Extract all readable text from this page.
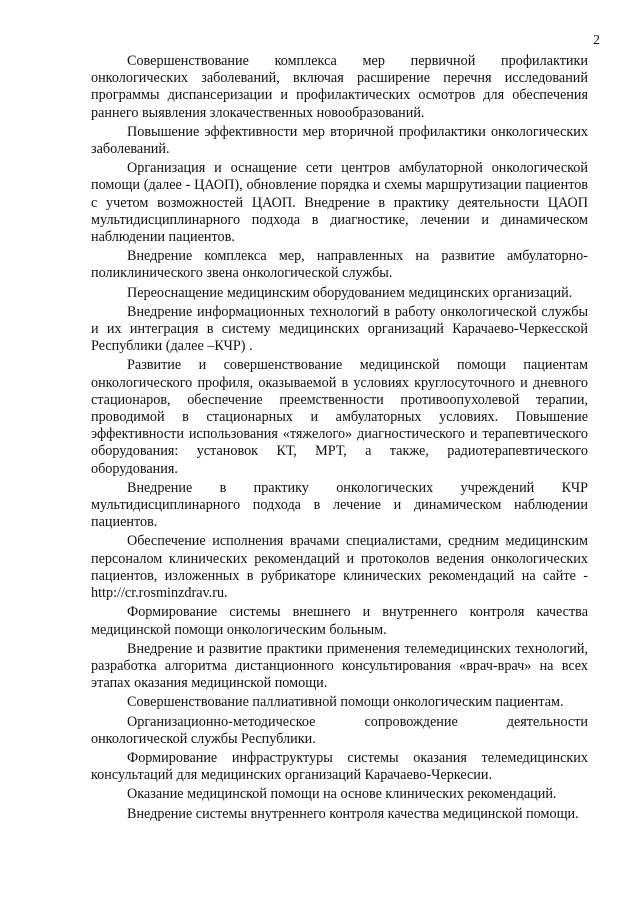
2

Совершенствование комплекса мер первичной профилактики онкологических заболеваний, включая расширение перечня исследований программы диспансеризации и профилактических осмотров для обеспечения раннего выявления злокачественных новообразований.

Повышение эффективности мер вторичной профилактики онкологических заболеваний.

Организация и оснащение сети центров амбулаторной онкологической помощи (далее - ЦАОП), обновление порядка и схемы маршрутизации пациентов с учетом возможностей ЦАОП. Внедрение в практику деятельности ЦАОП мультидисциплинарного подхода в диагностике, лечении и динамическом наблюдении пациентов.

Внедрение комплекса мер, направленных на развитие амбулаторно-поликлинического звена онкологической службы.

Переоснащение медицинским оборудованием медицинских организаций.

Внедрение информационных технологий в работу онкологической службы и их интеграция в систему медицинских организаций Карачаево-Черкесской Республики (далее –КЧР) .

Развитие и совершенствование медицинской помощи пациентам онкологического профиля, оказываемой в условиях круглосуточного и дневного стационаров, обеспечение преемственности противоопухолевой терапии, проводимой в стационарных и амбулаторных условиях. Повышение эффективности использования «тяжелого» диагностического и терапевтического оборудования: установок КТ, МРТ, а также, радиотерапевтического оборудования.

Внедрение в практику онкологических учреждений КЧР мультидисциплинарного подхода в лечение и динамическом наблюдении пациентов.

Обеспечение исполнения врачами специалистами, средним медицинским персоналом клинических рекомендаций и протоколов ведения онкологических пациентов, изложенных в рубрикаторе клинических рекомендаций на сайте -http://cr.rosminzdrav.ru.

Формирование системы внешнего и внутреннего контроля качества медицинской помощи онкологическим больным.

Внедрение и развитие практики применения телемедицинских технологий, разработка алгоритма дистанционного консультирования «врач-врач» на всех этапах оказания медицинской помощи.

Совершенствование паллиативной помощи онкологическим пациентам.

Организационно-методическое сопровождение деятельности онкологической службы Республики.

Формирование инфраструктуры системы оказания телемедицинских консультаций для медицинских организаций Карачаево-Черкесии.

Оказание медицинской помощи на основе клинических рекомендаций.

Внедрение системы внутреннего контроля качества медицинской помощи.
